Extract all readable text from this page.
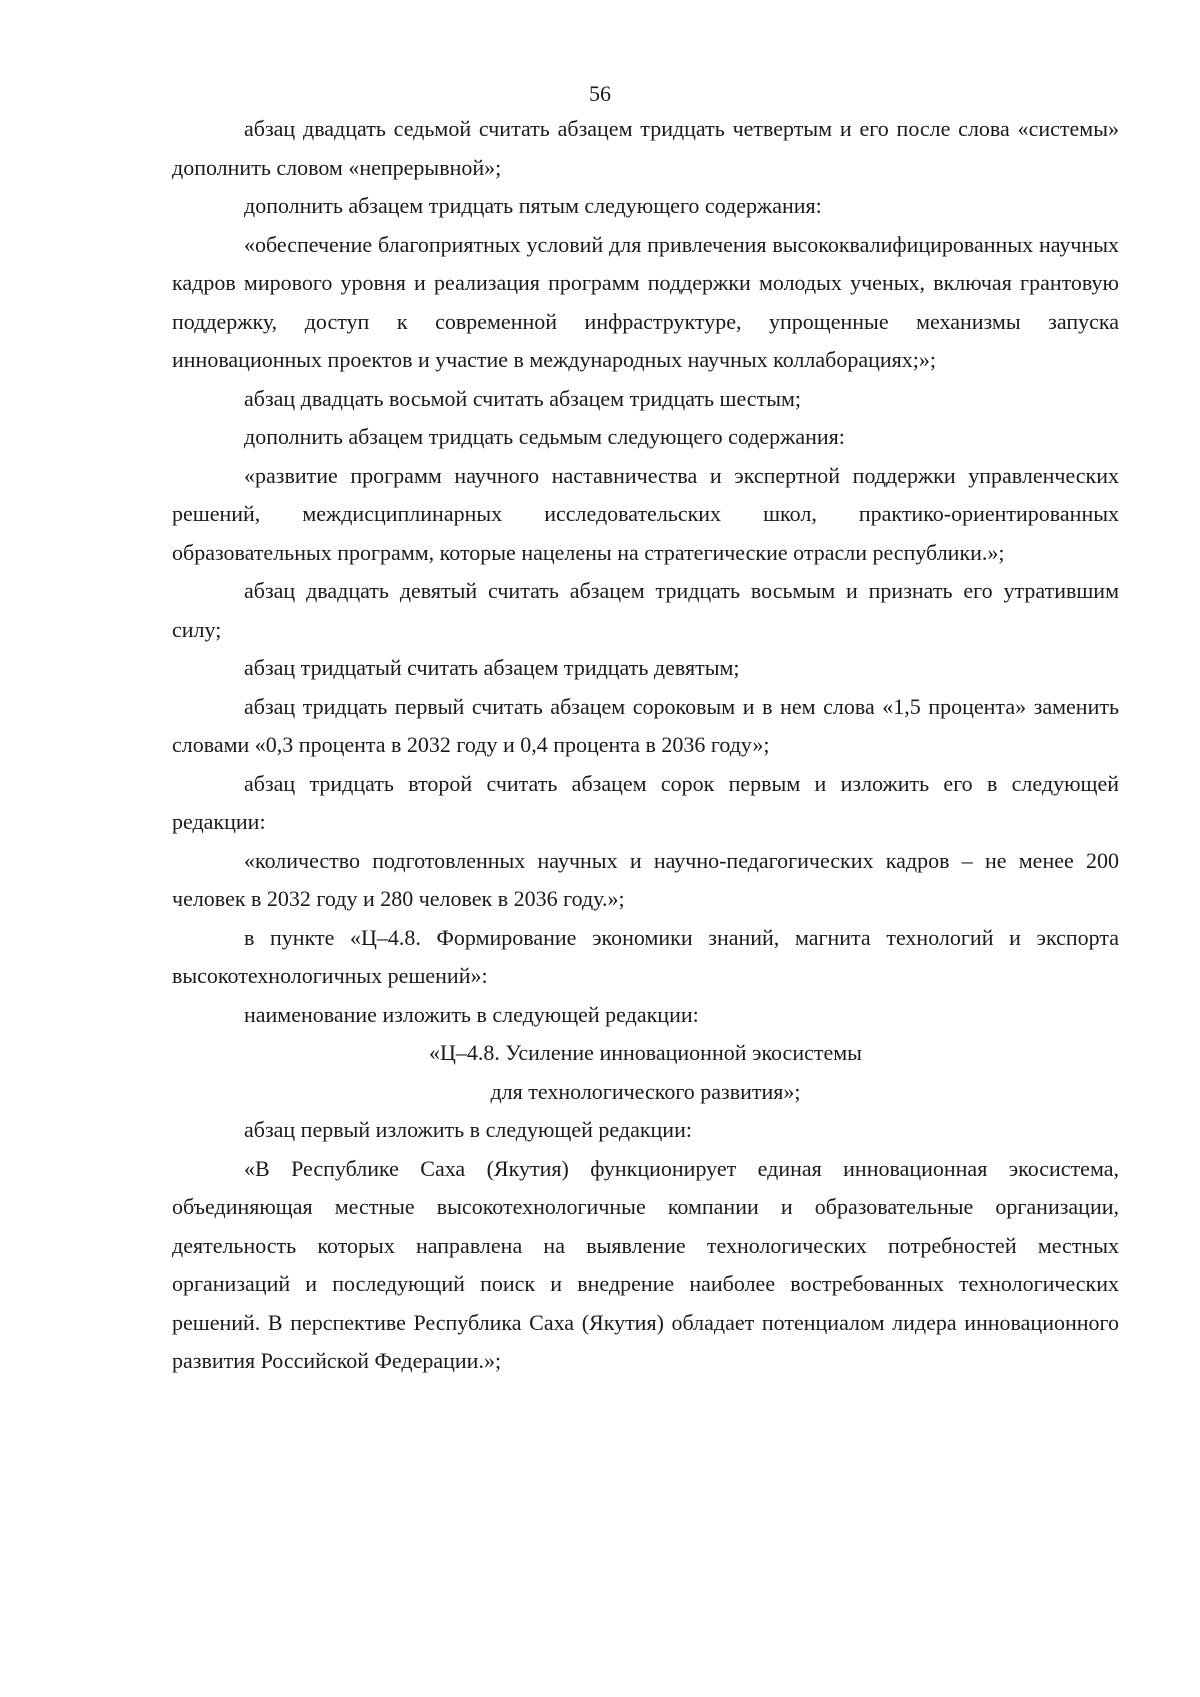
56

абзац двадцать седьмой считать абзацем тридцать четвертым и его после слова «системы» дополнить словом «непрерывной»;

дополнить абзацем тридцать пятым следующего содержания:

«обеспечение благоприятных условий для привлечения высококвалифицированных научных кадров мирового уровня и реализация программ поддержки молодых ученых, включая грантовую поддержку, доступ к современной инфраструктуре, упрощенные механизмы запуска инновационных проектов и участие в международных научных коллаборациях;»;

абзац двадцать восьмой считать абзацем тридцать шестым;

дополнить абзацем тридцать седьмым следующего содержания:

«развитие программ научного наставничества и экспертной поддержки управленческих решений, междисциплинарных исследовательских школ, практико-ориентированных образовательных программ, которые нацелены на стратегические отрасли республики.»;

абзац двадцать девятый считать абзацем тридцать восьмым и признать его утратившим силу;

абзац тридцатый считать абзацем тридцать девятым;

абзац тридцать первый считать абзацем сороковым и в нем слова «1,5 процента» заменить словами «0,3 процента в 2032 году и 0,4 процента в 2036 году»;

абзац тридцать второй считать абзацем сорок первым и изложить его в следующей редакции:

«количество подготовленных научных и научно-педагогических кадров – не менее 200 человек в 2032 году и 280 человек в 2036 году.»;

в пункте «Ц–4.8. Формирование экономики знаний, магнита технологий и экспорта высокотехнологичных решений»:

наименование изложить в следующей редакции:

«Ц–4.8. Усиление инновационной экосистемы

для технологического развития»;

абзац первый изложить в следующей редакции:

«В Республике Саха (Якутия) функционирует единая инновационная экосистема, объединяющая местные высокотехнологичные компании и образовательные организации, деятельность которых направлена на выявление технологических потребностей местных организаций и последующий поиск и внедрение наиболее востребованных технологических решений. В перспективе Республика Саха (Якутия) обладает потенциалом лидера инновационного развития Российской Федерации.»;
